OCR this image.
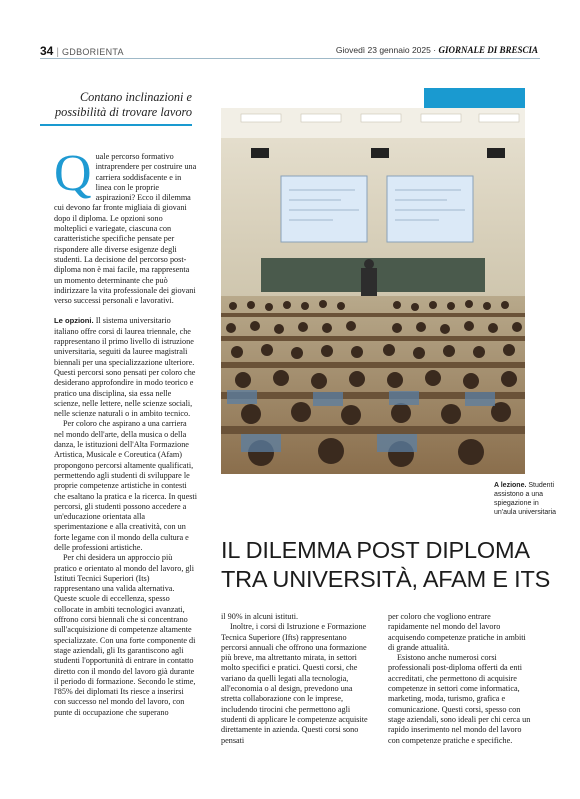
34 | GDBORIENTA	Giovedì 23 gennaio 2025 · GIORNALE DI BRESCIA
Contano inclinazioni e possibilità di trovare lavoro

Quale percorso formativo intraprendere per costruire una carriera soddisfacente e in linea con le proprie aspirazioni? Ecco il dilemma cui devono far fronte migliaia di giovani dopo il diploma. Le opzioni sono molteplici e variegate, ciascuna con caratteristiche specifiche pensate per rispondere alle diverse esigenze degli studenti. La decisione del percorso post-diploma non è mai facile, ma rappresenta un momento determinante che può indirizzare la vita professionale dei giovani verso successi personali e lavorativi.

Le opzioni. Il sistema universitario italiano offre corsi di laurea triennale, che rappresentano il primo livello di istruzione universitaria, seguiti da lauree magistrali biennali per una specializzazione ulteriore. Questi percorsi sono pensati per coloro che desiderano approfondire in modo teorico e pratico una disciplina, sia essa nelle scienze, nelle lettere, nelle scienze sociali, nelle scienze naturali o in ambito tecnico.

Per coloro che aspirano a una carriera nel mondo dell'arte, della musica o della danza, le istituzioni dell'Alta Formazione Artistica, Musicale e Coreutica (Afam) propongono percorsi altamente qualificati, permettendo agli studenti di sviluppare le proprie competenze artistiche in contesti che esaltano la pratica e la ricerca. In questi percorsi, gli studenti possono accedere a un'educazione orientata alla sperimentazione e alla creatività, con un forte legame con il mondo della cultura e delle professioni artistiche.

Per chi desidera un approccio più pratico e orientato al mondo del lavoro, gli Istituti Tecnici Superiori (Its) rappresentano una valida alternativa. Queste scuole di eccellenza, spesso collocate in ambiti tecnologici avanzati, offrono corsi biennali che si concentrano sull'acquisizione di competenze altamente specializzate. Con una forte componente di stage aziendali, gli Its garantiscono agli studenti l'opportunità di entrare in contatto diretto con il mondo del lavoro già durante il periodo di formazione. Secondo le stime, l'85% dei diplomati Its riesce a inserirsi con successo nel mondo del lavoro, con punte di occupazione che superano

A lezione. Studenti assistono a una spiegazione in un'aula universitaria
IL DILEMMA POST DIPLOMA TRA UNIVERSITÀ, AFAM E ITS

il 90% in alcuni istituti.

Inoltre, i corsi di Istruzione e Formazione Tecnica Superiore (Ifts) rappresentano percorsi annuali che offrono una formazione più breve, ma altrettanto mirata, in settori molto specifici e pratici. Questi corsi, che variano da quelli legati alla tecnologia, all'economia o al design, prevedono una stretta collaborazione con le imprese, includendo tirocini che permettono agli studenti di applicare le competenze acquisite direttamente in azienda. Questi corsi sono pensati

per coloro che vogliono entrare rapidamente nel mondo del lavoro acquisendo competenze pratiche in ambiti di grande attualità.

Esistono anche numerosi corsi professionali post-diploma offerti da enti accreditati, che permettono di acquisire competenze in settori come informatica, marketing, moda, turismo, grafica e comunicazione. Questi corsi, spesso con stage aziendali, sono ideali per chi cerca un rapido inserimento nel mondo del lavoro con competenze pratiche e specifiche.
